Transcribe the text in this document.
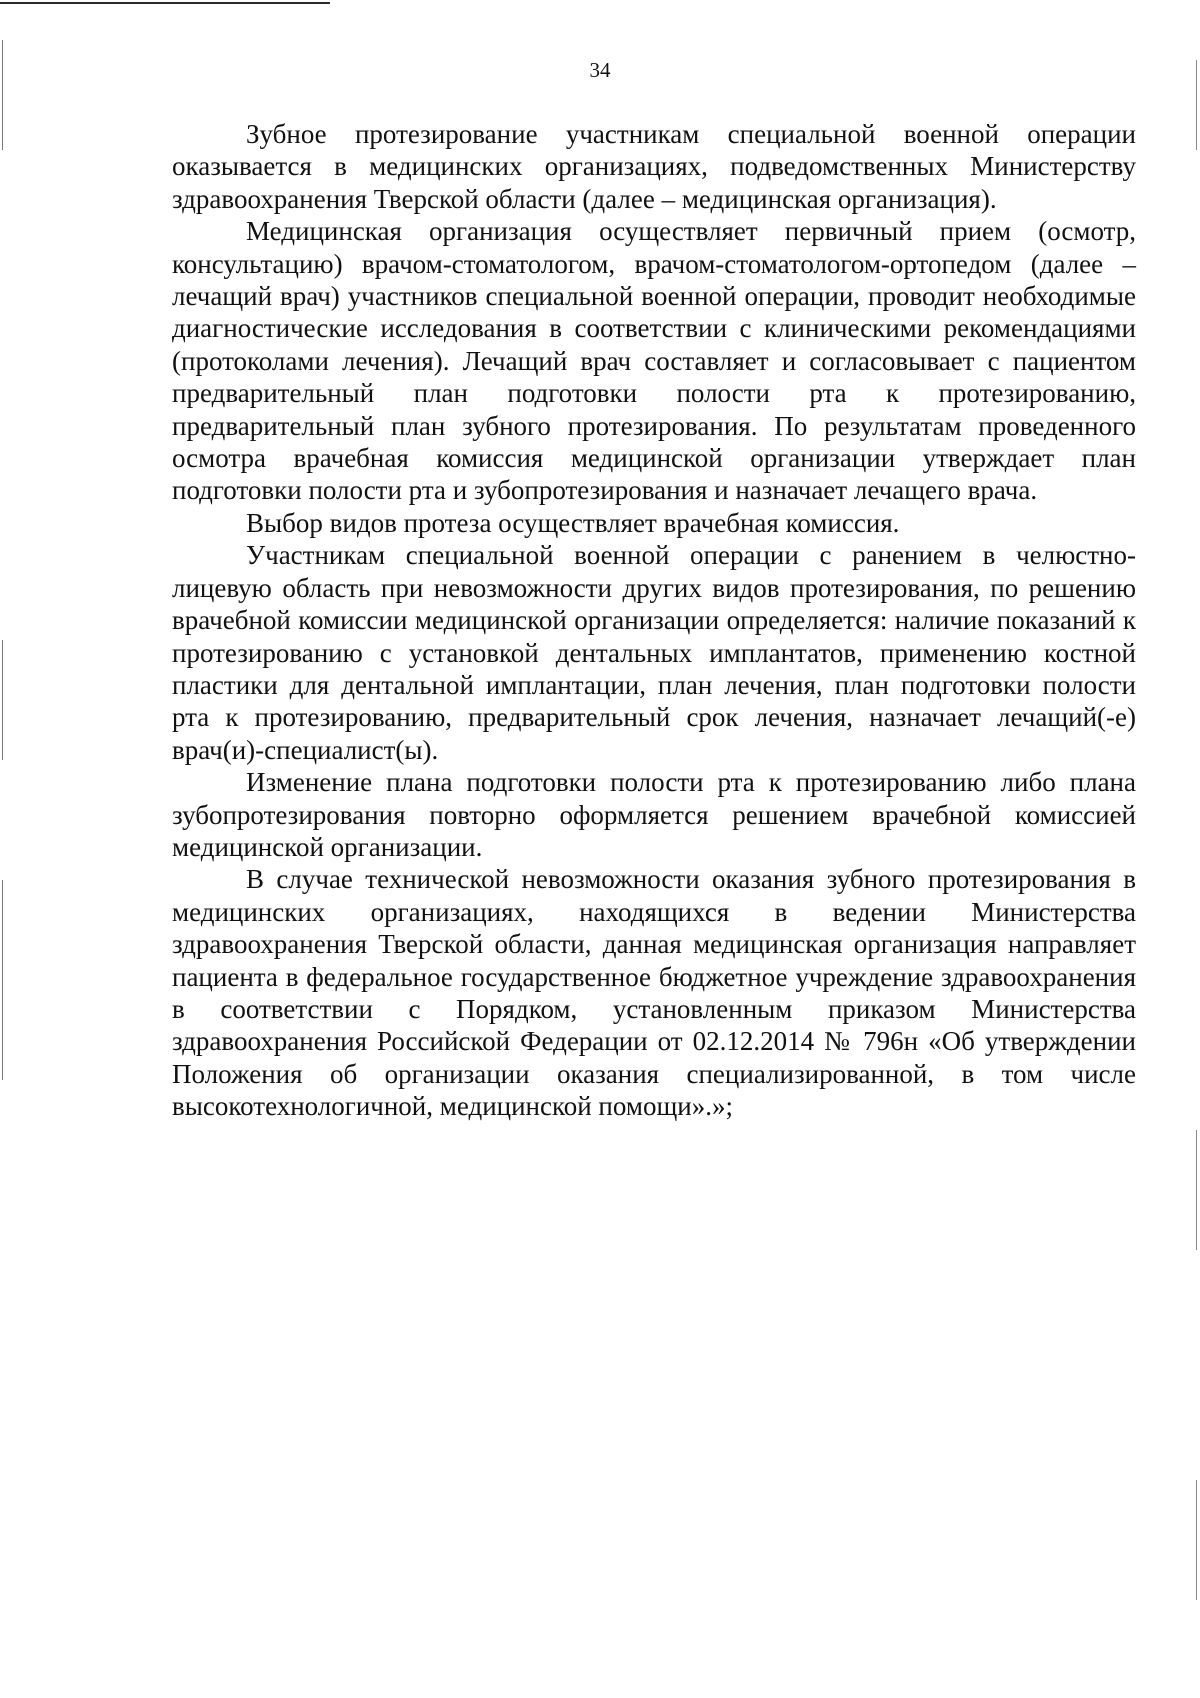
34

Зубное протезирование участникам специальной военной операции оказывается в медицинских организациях, подведомственных Министерству здравоохранения Тверской области (далее – медицинская организация).

Медицинская организация осуществляет первичный прием (осмотр, консультацию) врачом-стоматологом, врачом-стоматологом-ортопедом (далее – лечащий врач) участников специальной военной операции, проводит необходимые диагностические исследования в соответствии с клиническими рекомендациями (протоколами лечения). Лечащий врач составляет и согласовывает с пациентом предварительный план подготовки полости рта к протезированию, предварительный план зубного протезирования. По результатам проведенного осмотра врачебная комиссия медицинской организации утверждает план подготовки полости рта и зубопротезирования и назначает лечащего врача.

Выбор видов протеза осуществляет врачебная комиссия.

Участникам специальной военной операции с ранением в челюстно-лицевую область при невозможности других видов протезирования, по решению врачебной комиссии медицинской организации определяется: наличие показаний к протезированию с установкой дентальных имплантатов, применению костной пластики для дентальной имплантации, план лечения, план подготовки полости рта к протезированию, предварительный срок лечения, назначает лечащий(-е) врач(и)-специалист(ы).

Изменение плана подготовки полости рта к протезированию либо плана зубопротезирования повторно оформляется решением врачебной комиссией медицинской организации.

В случае технической невозможности оказания зубного протезирования в медицинских организациях, находящихся в ведении Министерства здравоохранения Тверской области, данная медицинская организация направляет пациента в федеральное государственное бюджетное учреждение здравоохранения в соответствии с Порядком, установленным приказом Министерства здравоохранения Российской Федерации от 02.12.2014 № 796н «Об утверждении Положения об организации оказания специализированной, в том числе высокотехнологичной, медицинской помощи».»;
